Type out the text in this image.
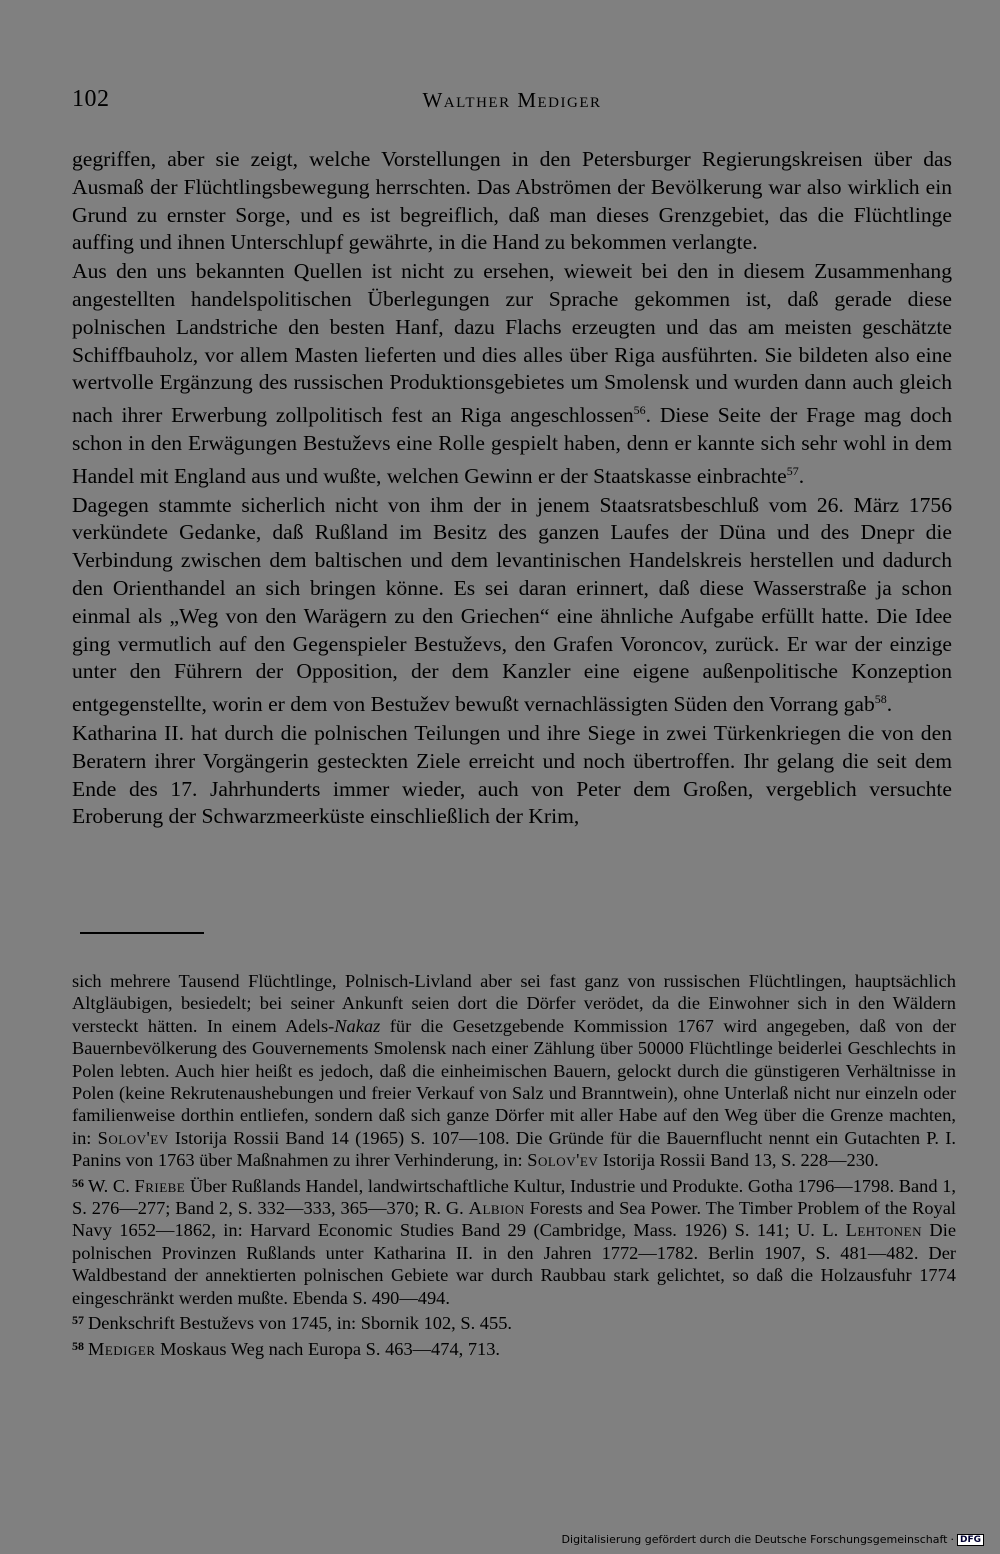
102	Walther Mediger

gegriffen, aber sie zeigt, welche Vorstellungen in den Petersburger Regierungskreisen über das Ausmaß der Flüchtlingsbewegung herrschten. Das Abströmen der Bevölkerung war also wirklich ein Grund zu ernster Sorge, und es ist begreiflich, daß man dieses Grenzgebiet, das die Flüchtlinge auffing und ihnen Unterschlupf gewährte, in die Hand zu bekommen verlangte.

Aus den uns bekannten Quellen ist nicht zu ersehen, wieweit bei den in diesem Zusammenhang angestellten handelspolitischen Überlegungen zur Sprache gekommen ist, daß gerade diese polnischen Landstriche den besten Hanf, dazu Flachs erzeugten und das am meisten geschätzte Schiffbauholz, vor allem Masten lieferten und dies alles über Riga ausführten. Sie bildeten also eine wertvolle Ergänzung des russischen Produktionsgebietes um Smolensk und wurden dann auch gleich nach ihrer Erwerbung zollpolitisch fest an Riga angeschlossen$^{56}$. Diese Seite der Frage mag doch schon in den Erwägungen Bestuževs eine Rolle gespielt haben, denn er kannte sich sehr wohl in dem Handel mit England aus und wußte, welchen Gewinn er der Staatskasse einbrachte$^{57}$.

Dagegen stammte sicherlich nicht von ihm der in jenem Staatsratsbeschluß vom 26. März 1756 verkündete Gedanke, daß Rußland im Besitz des ganzen Laufes der Düna und des Dnepr die Verbindung zwischen dem baltischen und dem levantinischen Handelskreis herstellen und dadurch den Orienthandel an sich bringen könne. Es sei daran erinnert, daß diese Wasserstraße ja schon einmal als „Weg von den Warägern zu den Griechen“ eine ähnliche Aufgabe erfüllt hatte. Die Idee ging vermutlich auf den Gegenspieler Bestuževs, den Grafen Voroncov, zurück. Er war der einzige unter den Führern der Opposition, der dem Kanzler eine eigene außenpolitische Konzeption entgegenstellte, worin er dem von Bestužev bewußt vernachlässigten Süden den Vorrang gab$^{58}$.

Katharina II. hat durch die polnischen Teilungen und ihre Siege in zwei Türkenkriegen die von den Beratern ihrer Vorgängerin gesteckten Ziele erreicht und noch übertroffen. Ihr gelang die seit dem Ende des 17. Jahrhunderts immer wieder, auch von Peter dem Großen, vergeblich versuchte Eroberung der Schwarzmeerküste einschließlich der Krim,

sich mehrere Tausend Flüchtlinge, Polnisch-Livland aber sei fast ganz von russischen Flüchtlingen, hauptsächlich Altgläubigen, besiedelt; bei seiner Ankunft seien dort die Dörfer verödet, da die Einwohner sich in den Wäldern versteckt hätten. In einem Adels-Nakaz für die Gesetzgebende Kommission 1767 wird angegeben, daß von der Bauernbevölkerung des Gouvernements Smolensk nach einer Zählung über 50000 Flüchtlinge beiderlei Geschlechts in Polen lebten. Auch hier heißt es jedoch, daß die einheimischen Bauern, gelockt durch die günstigeren Verhältnisse in Polen (keine Rekrutenaushebungen und freier Verkauf von Salz und Branntwein), ohne Unterlaß nicht nur einzeln oder familienweise dorthin entliefen, sondern daß sich ganze Dörfer mit aller Habe auf den Weg über die Grenze machten, in: Solov'ev Istorija Rossii Band 14 (1965) S. 107—108. Die Gründe für die Bauernflucht nennt ein Gutachten P. I. Panins von 1763 über Maßnahmen zu ihrer Verhinderung, in: Solov'ev Istorija Rossii Band 13, S. 228—230.

$^{56}$ W. C. Friebe Über Rußlands Handel, landwirtschaftliche Kultur, Industrie und Produkte. Gotha 1796—1798. Band 1, S. 276—277; Band 2, S. 332—333, 365—370; R. G. Albion Forests and Sea Power. The Timber Problem of the Royal Navy 1652—1862, in: Harvard Economic Studies Band 29 (Cambridge, Mass. 1926) S. 141; U. L. Lehtonen Die polnischen Provinzen Rußlands unter Katharina II. in den Jahren 1772—1782. Berlin 1907, S. 481—482. Der Waldbestand der annektierten polnischen Gebiete war durch Raubbau stark gelichtet, so daß die Holzausfuhr 1774 eingeschränkt werden mußte. Ebenda S. 490—494.

$^{57}$ Denkschrift Bestuževs von 1745, in: Sbornik 102, S. 455.

$^{58}$ Mediger Moskaus Weg nach Europa S. 463—474, 713.

Digitalisierung gefördert durch die Deutsche Forschungsgemeinschaft · DFG
